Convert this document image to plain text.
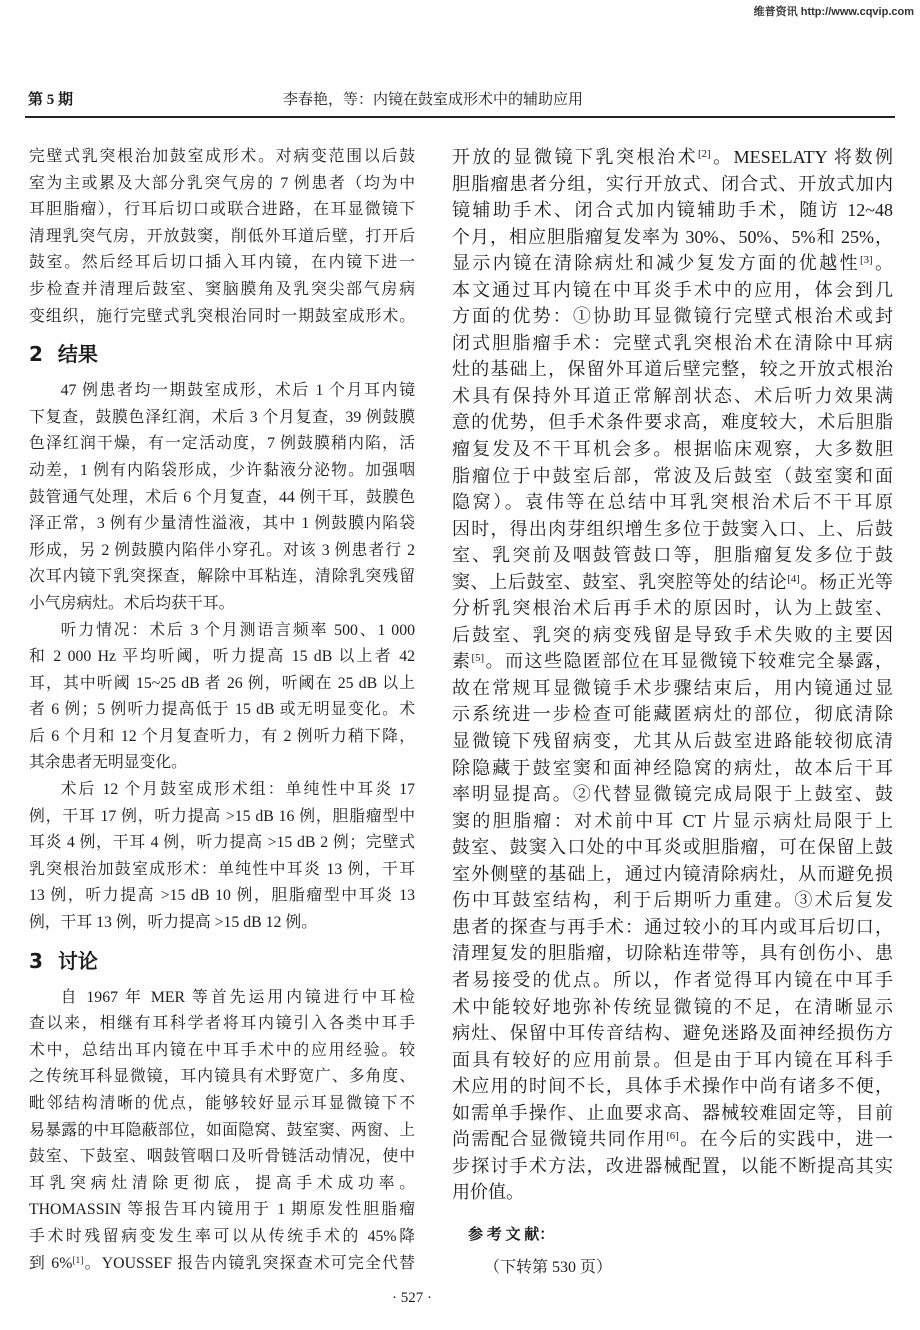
维普资讯 http://www.cqvip.com
第 5 期	李春艳，等：内镜在鼓室成形术中的辅助应用
完壁式乳突根治加鼓室成形术。对病变范围以后鼓
室为主或累及大部分乳突气房的 7 例患者（均为中
耳胆脂瘤），行耳后切口或联合进路，在耳显微镜下
清理乳突气房，开放鼓窦，削低外耳道后壁，打开后
鼓室。然后经耳后切口插入耳内镜，在内镜下进一
步检查并清理后鼓室、窦脑膜角及乳突尖部气房病
变组织，施行完壁式乳突根治同时一期鼓室成形术。
2 结果
47 例患者均一期鼓室成形，术后 1 个月耳内镜
下复查，鼓膜色泽红润，术后 3 个月复查，39 例鼓膜
色泽红润干燥，有一定活动度，7 例鼓膜稍内陷，活
动差，1 例有内陷袋形成，少许黏液分泌物。加强咽
鼓管通气处理，术后 6 个月复查，44 例干耳，鼓膜色
泽正常，3 例有少量清性溢液，其中 1 例鼓膜内陷袋
形成，另 2 例鼓膜内陷伴小穿孔。对该 3 例患者行 2
次耳内镜下乳突探查，解除中耳粘连，清除乳突残留
小气房病灶。术后均获干耳。
听力情况：术后 3 个月测语言频率 500、1 000
和 2 000 Hz 平均听阈，听力提高 15 dB 以上者 42
耳，其中听阈 15~25 dB 者 26 例，听阈在 25 dB 以上
者 6 例；5 例听力提高低于 15 dB 或无明显变化。术
后 6 个月和 12 个月复查听力，有 2 例听力稍下降，
其余患者无明显变化。
术后 12 个月鼓室成形术组：单纯性中耳炎 17
例，干耳 17 例，听力提高 >15 dB 16 例，胆脂瘤型中
耳炎 4 例，干耳 4 例，听力提高 >15 dB 2 例；完壁式
乳突根治加鼓室成形术：单纯性中耳炎 13 例，干耳
13 例，听力提高 >15 dB 10 例，胆脂瘤型中耳炎 13
例，干耳 13 例，听力提高 >15 dB 12 例。
3 讨论
自 1967 年 MER 等首先运用内镜进行中耳检
查以来，相继有耳科学者将耳内镜引入各类中耳手
术中，总结出耳内镜在中耳手术中的应用经验。较
之传统耳科显微镜，耳内镜具有术野宽广、多角度、
毗邻结构清晰的优点，能够较好显示耳显微镜下不
易暴露的中耳隐蔽部位，如面隐窝、鼓室窦、两窗、上
鼓室、下鼓室、咽鼓管咽口及听骨链活动情况，使中
耳乳突病灶清除更彻底，提高手术成功率。
THOMASSIN 等报告耳内镜用于 1 期原发性胆脂瘤
手术时残留病变发生率可以从传统手术的 45%降
到 6%[1]。YOUSSEF 报告内镜乳突探查术可完全代替
开放的显微镜下乳突根治术[2]。MESELATY 将数例
胆脂瘤患者分组，实行开放式、闭合式、开放式加内
镜辅助手术、闭合式加内镜辅助手术，随访 12~48
个月，相应胆脂瘤复发率为 30%、50%、5%和 25%，
显示内镜在清除病灶和减少复发方面的优越性[3]。
本文通过耳内镜在中耳炎手术中的应用，体会到几
方面的优势：①协助耳显微镜行完壁式根治术或封
闭式胆脂瘤手术：完壁式乳突根治术在清除中耳病
灶的基础上，保留外耳道后壁完整，较之开放式根治
术具有保持外耳道正常解剖状态、术后听力效果满
意的优势，但手术条件要求高，难度较大，术后胆脂
瘤复发及不干耳机会多。根据临床观察，大多数胆
脂瘤位于中鼓室后部，常波及后鼓室（鼓室窦和面
隐窝）。袁伟等在总结中耳乳突根治术后不干耳原
因时，得出肉芽组织增生多位于鼓窦入口、上、后鼓
室、乳突前及咽鼓管鼓口等，胆脂瘤复发多位于鼓
窦、上后鼓室、鼓室、乳突腔等处的结论[4]。杨正光等
分析乳突根治术后再手术的原因时，认为上鼓室、
后鼓室、乳突的病变残留是导致手术失败的主要因
素[5]。而这些隐匿部位在耳显微镜下较难完全暴露，
故在常规耳显微镜手术步骤结束后，用内镜通过显
示系统进一步检查可能藏匿病灶的部位，彻底清除
显微镜下残留病变，尤其从后鼓室进路能较彻底清
除隐藏于鼓室窦和面神经隐窝的病灶，故本后干耳
率明显提高。②代替显微镜完成局限于上鼓室、鼓
窦的胆脂瘤：对术前中耳 CT 片显示病灶局限于上
鼓室、鼓窦入口处的中耳炎或胆脂瘤，可在保留上鼓
室外侧壁的基础上，通过内镜清除病灶，从而避免损
伤中耳鼓室结构，利于后期听力重建。③术后复发
患者的探查与再手术：通过较小的耳内或耳后切口，
清理复发的胆脂瘤，切除粘连带等，具有创伤小、患
者易接受的优点。所以，作者觉得耳内镜在中耳手
术中能较好地弥补传统显微镜的不足，在清晰显示
病灶、保留中耳传音结构、避免迷路及面神经损伤方
面具有较好的应用前景。但是由于耳内镜在耳科手
术应用的时间不长，具体手术操作中尚有诸多不便，
如需单手操作、止血要求高、器械较难固定等，目前
尚需配合显微镜共同作用[6]。在今后的实践中，进一
步探讨手术方法，改进器械配置，以能不断提高其实
用价值。
参 考 文 献：
（下转第 530 页）
· 527 ·
